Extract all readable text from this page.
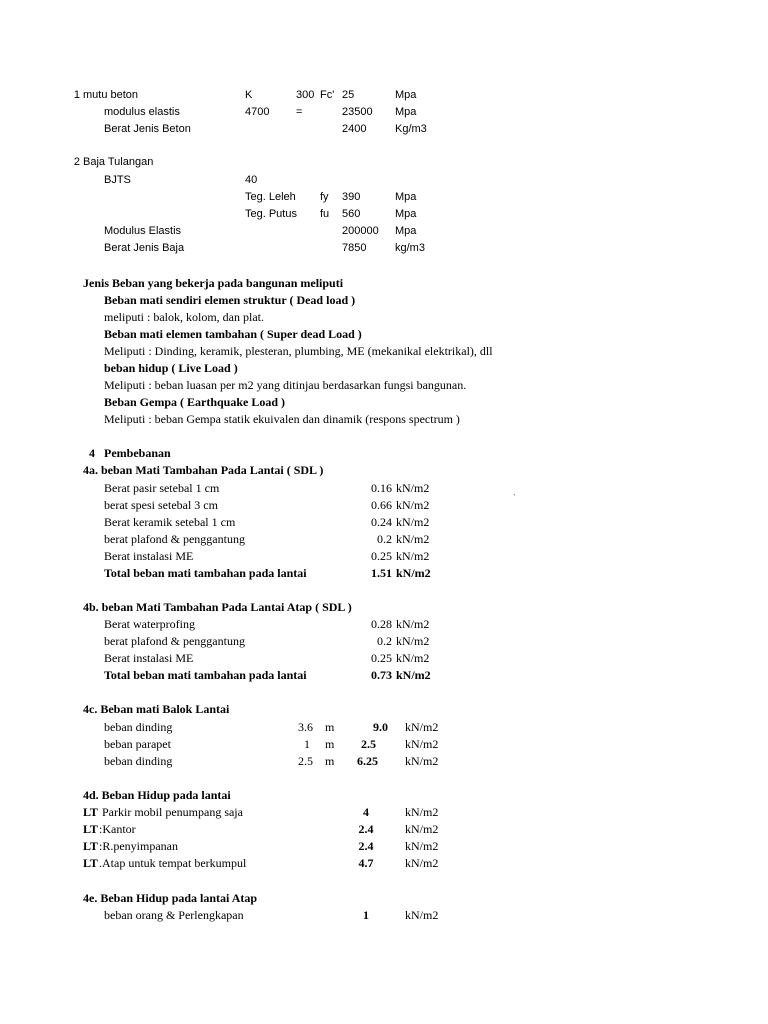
1 mutu beton	K	300 Fc' 25	Mpa
modulus elastis	4700 =	23500 Mpa
Berat Jenis Beton	2400	Kg/m3
2 Baja Tulangan
BJTS	40
Teg. Leleh fy 390	Mpa
Teg. Putus fu 560	Mpa
Modulus Elastis	200000 Mpa
Berat Jenis Baja	7850	kg/m3
Jenis Beban yang bekerja pada bangunan meliputi
Beban mati sendiri elemen struktur ( Dead load )
meliputi : balok, kolom, dan plat.
Beban mati elemen tambahan ( Super dead Load )
Meliputi : Dinding, keramik, plesteran, plumbing, ME (mekanikal elektrikal), dll
beban hidup ( Live Load )
Meliputi : beban luasan per m2 yang ditinjau berdasarkan fungsi bangunan.
Beban Gempa ( Earthquake Load )
Meliputi : beban Gempa statik ekuivalen dan dinamik (respons spectrum )
4 Pembebanan
4a. beban Mati Tambahan Pada Lantai ( SDL )
Berat pasir setebal 1 cm	0.16 kN/m2
berat spesi setebal 3 cm	0.66 kN/m2
Berat keramik setebal 1 cm	0.24 kN/m2
berat plafond & penggantung	0.2 kN/m2
Berat instalasi ME	0.25 kN/m2
Total beban mati tambahan pada lantai	1.51 kN/m2
`
4b. beban Mati Tambahan Pada Lantai Atap ( SDL )
Berat waterprofing	0.28 kN/m2
berat plafond & penggantung	0.2 kN/m2
Berat instalasi ME	0.25 kN/m2
Total beban mati tambahan pada lantai	0.73 kN/m2
4c. Beban mati Balok Lantai
beban dinding	3.6 m	9.0 kN/m2
beban parapet	1 m	2.5 kN/m2
beban dinding	2.5 m	6.25 kN/m2
4d. Beban Hidup pada lantai
LT Parkir mobil penumpang saja	4	kN/m2
LT :Kantor	2.4	kN/m2
LT :R.penyimpanan	2.4	kN/m2
LT .Atap untuk tempat berkumpul	4.7	kN/m2
4e. Beban Hidup pada lantai Atap
beban orang & Perlengkapan	1	kN/m2
